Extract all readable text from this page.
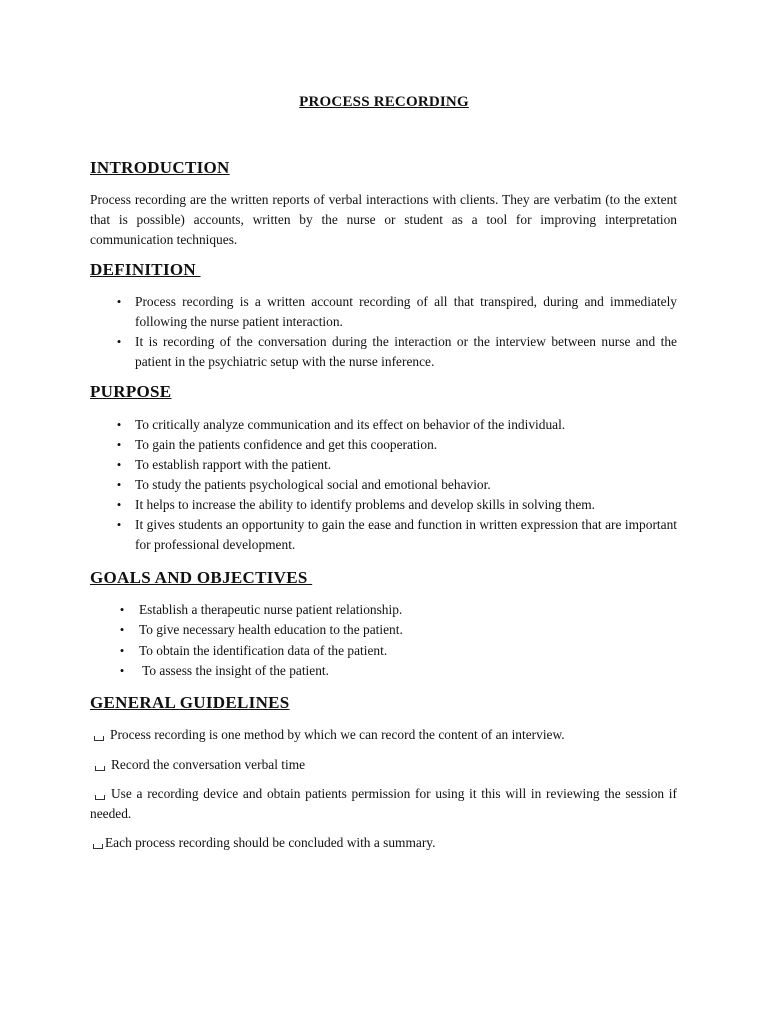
PROCESS RECORDING
INTRODUCTION
Process recording are the written reports of verbal interactions with clients. They are verbatim (to the extent that is possible) accounts, written by the nurse or student as a tool for improving interpretation communication techniques.
DEFINITION
• Process recording is a written account recording of all that transpired, during and immediately following the nurse patient interaction.
• It is recording of the conversation during the interaction or the interview between nurse and the patient in the psychiatric setup with the nurse inference.
PURPOSE
• To critically analyze communication and its effect on behavior of the individual.
• To gain the patients confidence and get this cooperation.
• To establish rapport with the patient.
• To study the patients psychological social and emotional behavior.
• It helps to increase the ability to identify problems and develop skills in solving them.
• It gives students an opportunity to gain the ease and function in written expression that are important for professional development.
GOALS AND OBJECTIVES
• Establish a therapeutic nurse patient relationship.
• To give necessary health education to the patient.
• To obtain the identification data of the patient.
• To assess the insight of the patient.
GENERAL GUIDELINES
Process recording is one method by which we can record the content of an interview.
Record the conversation verbal time
Use a recording device and obtain patients permission for using it this will in reviewing the session if needed.
Each process recording should be concluded with a summary.
